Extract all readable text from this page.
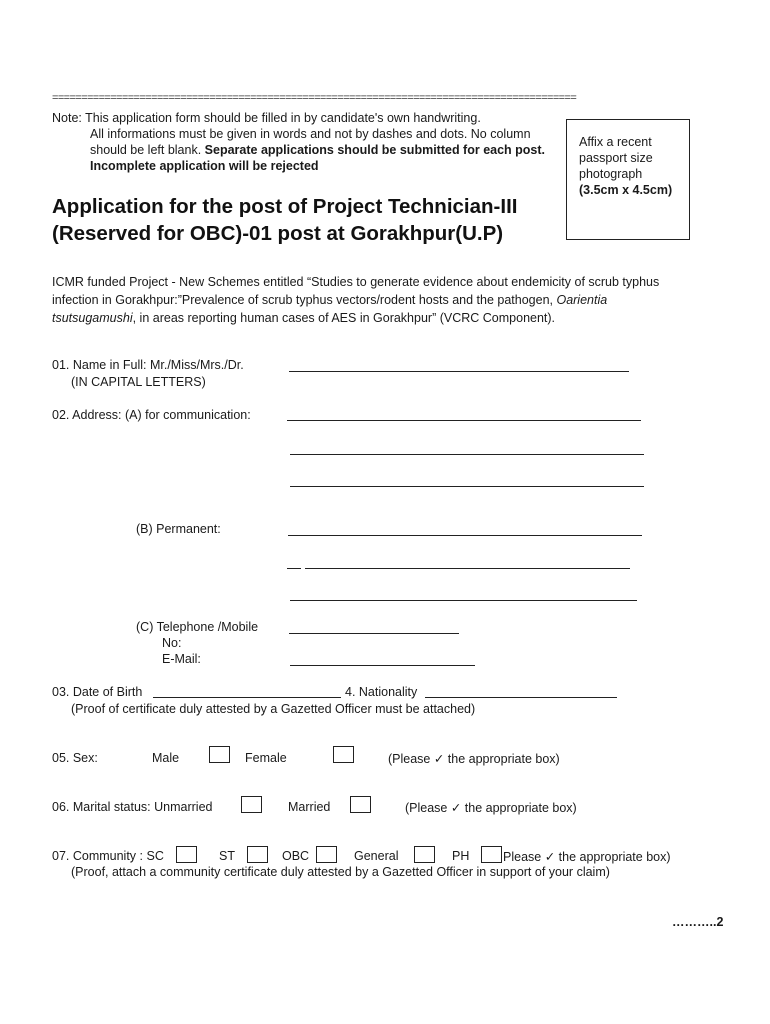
==========================================================================================
Note: This application form should be filled in by candidate's own handwriting.
All informations must be given in words and not by dashes and dots. No column
should be left blank. Separate applications should be submitted for each post.
Incomplete application will be rejected
Affix a recent
passport size
photograph
(3.5cm x 4.5cm)
Application for the post of Project Technician-III
(Reserved for OBC)-01 post at Gorakhpur(U.P)
ICMR funded Project - New Schemes entitled “Studies to generate evidence about endemicity of scrub typhus
infection in Gorakhpur:”Prevalence of scrub typhus vectors/rodent hosts and the pathogen, Oarientia
tsutsugamushi, in areas reporting human cases of AES in Gorakhpur” (VCRC Component).
01. Name in Full: Mr./Miss/Mrs./Dr.
(IN CAPITAL LETTERS)
02. Address: (A) for communication:
(B) Permanent:
(C) Telephone /Mobile
No:
E-Mail:
03. Date of Birth	4. Nationality
(Proof of certificate duly attested by a Gazetted Officer must be attached)
05. Sex:	Male	Female	(Please ✓ the appropriate box)
06. Marital status: Unmarried	Married	(Please ✓ the appropriate box)
07. Community : SC	ST	OBC	General	PH	Please ✓ the appropriate box)
(Proof, attach a community certificate duly attested by a Gazetted Officer in support of your claim)
………..2
